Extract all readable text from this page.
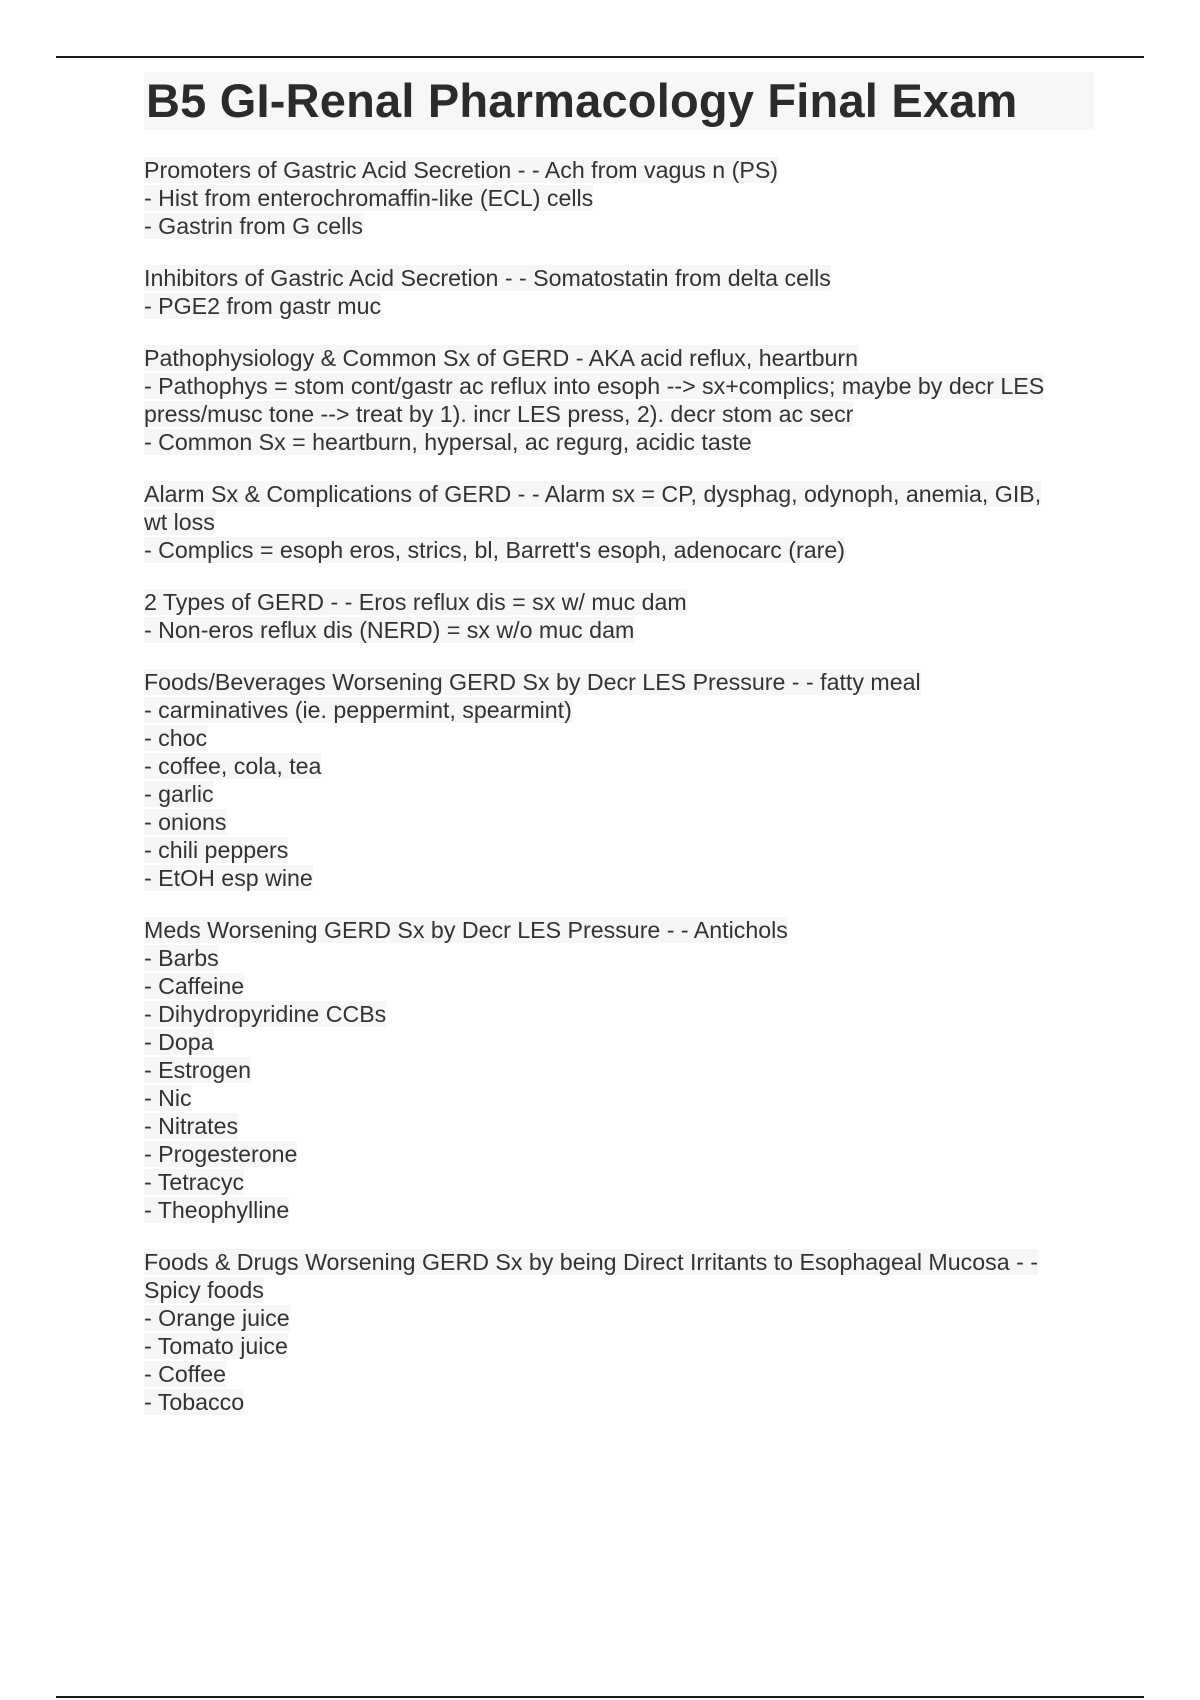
B5 GI-Renal Pharmacology Final Exam
Promoters of Gastric Acid Secretion - - Ach from vagus n (PS)
- Hist from enterochromaffin-like (ECL) cells
- Gastrin from G cells
Inhibitors of Gastric Acid Secretion - - Somatostatin from delta cells
- PGE2 from gastr muc
Pathophysiology & Common Sx of GERD - AKA acid reflux, heartburn
- Pathophys = stom cont/gastr ac reflux into esoph --> sx+complics; maybe by decr LES
press/musc tone --> treat by 1). incr LES press, 2). decr stom ac secr
- Common Sx = heartburn, hypersal, ac regurg, acidic taste
Alarm Sx & Complications of GERD - - Alarm sx = CP, dysphag, odynoph, anemia, GIB,
wt loss
- Complics = esoph eros, strics, bl, Barrett's esoph, adenocarc (rare)
2 Types of GERD - - Eros reflux dis = sx w/ muc dam
- Non-eros reflux dis (NERD) = sx w/o muc dam
Foods/Beverages Worsening GERD Sx by Decr LES Pressure - - fatty meal
- carminatives (ie. peppermint, spearmint)
- choc
- coffee, cola, tea
- garlic
- onions
- chili peppers
- EtOH esp wine
Meds Worsening GERD Sx by Decr LES Pressure - - Antichols
- Barbs
- Caffeine
- Dihydropyridine CCBs
- Dopa
- Estrogen
- Nic
- Nitrates
- Progesterone
- Tetracyc
- Theophylline
Foods & Drugs Worsening GERD Sx by being Direct Irritants to Esophageal Mucosa - -
Spicy foods
- Orange juice
- Tomato juice
- Coffee
- Tobacco
